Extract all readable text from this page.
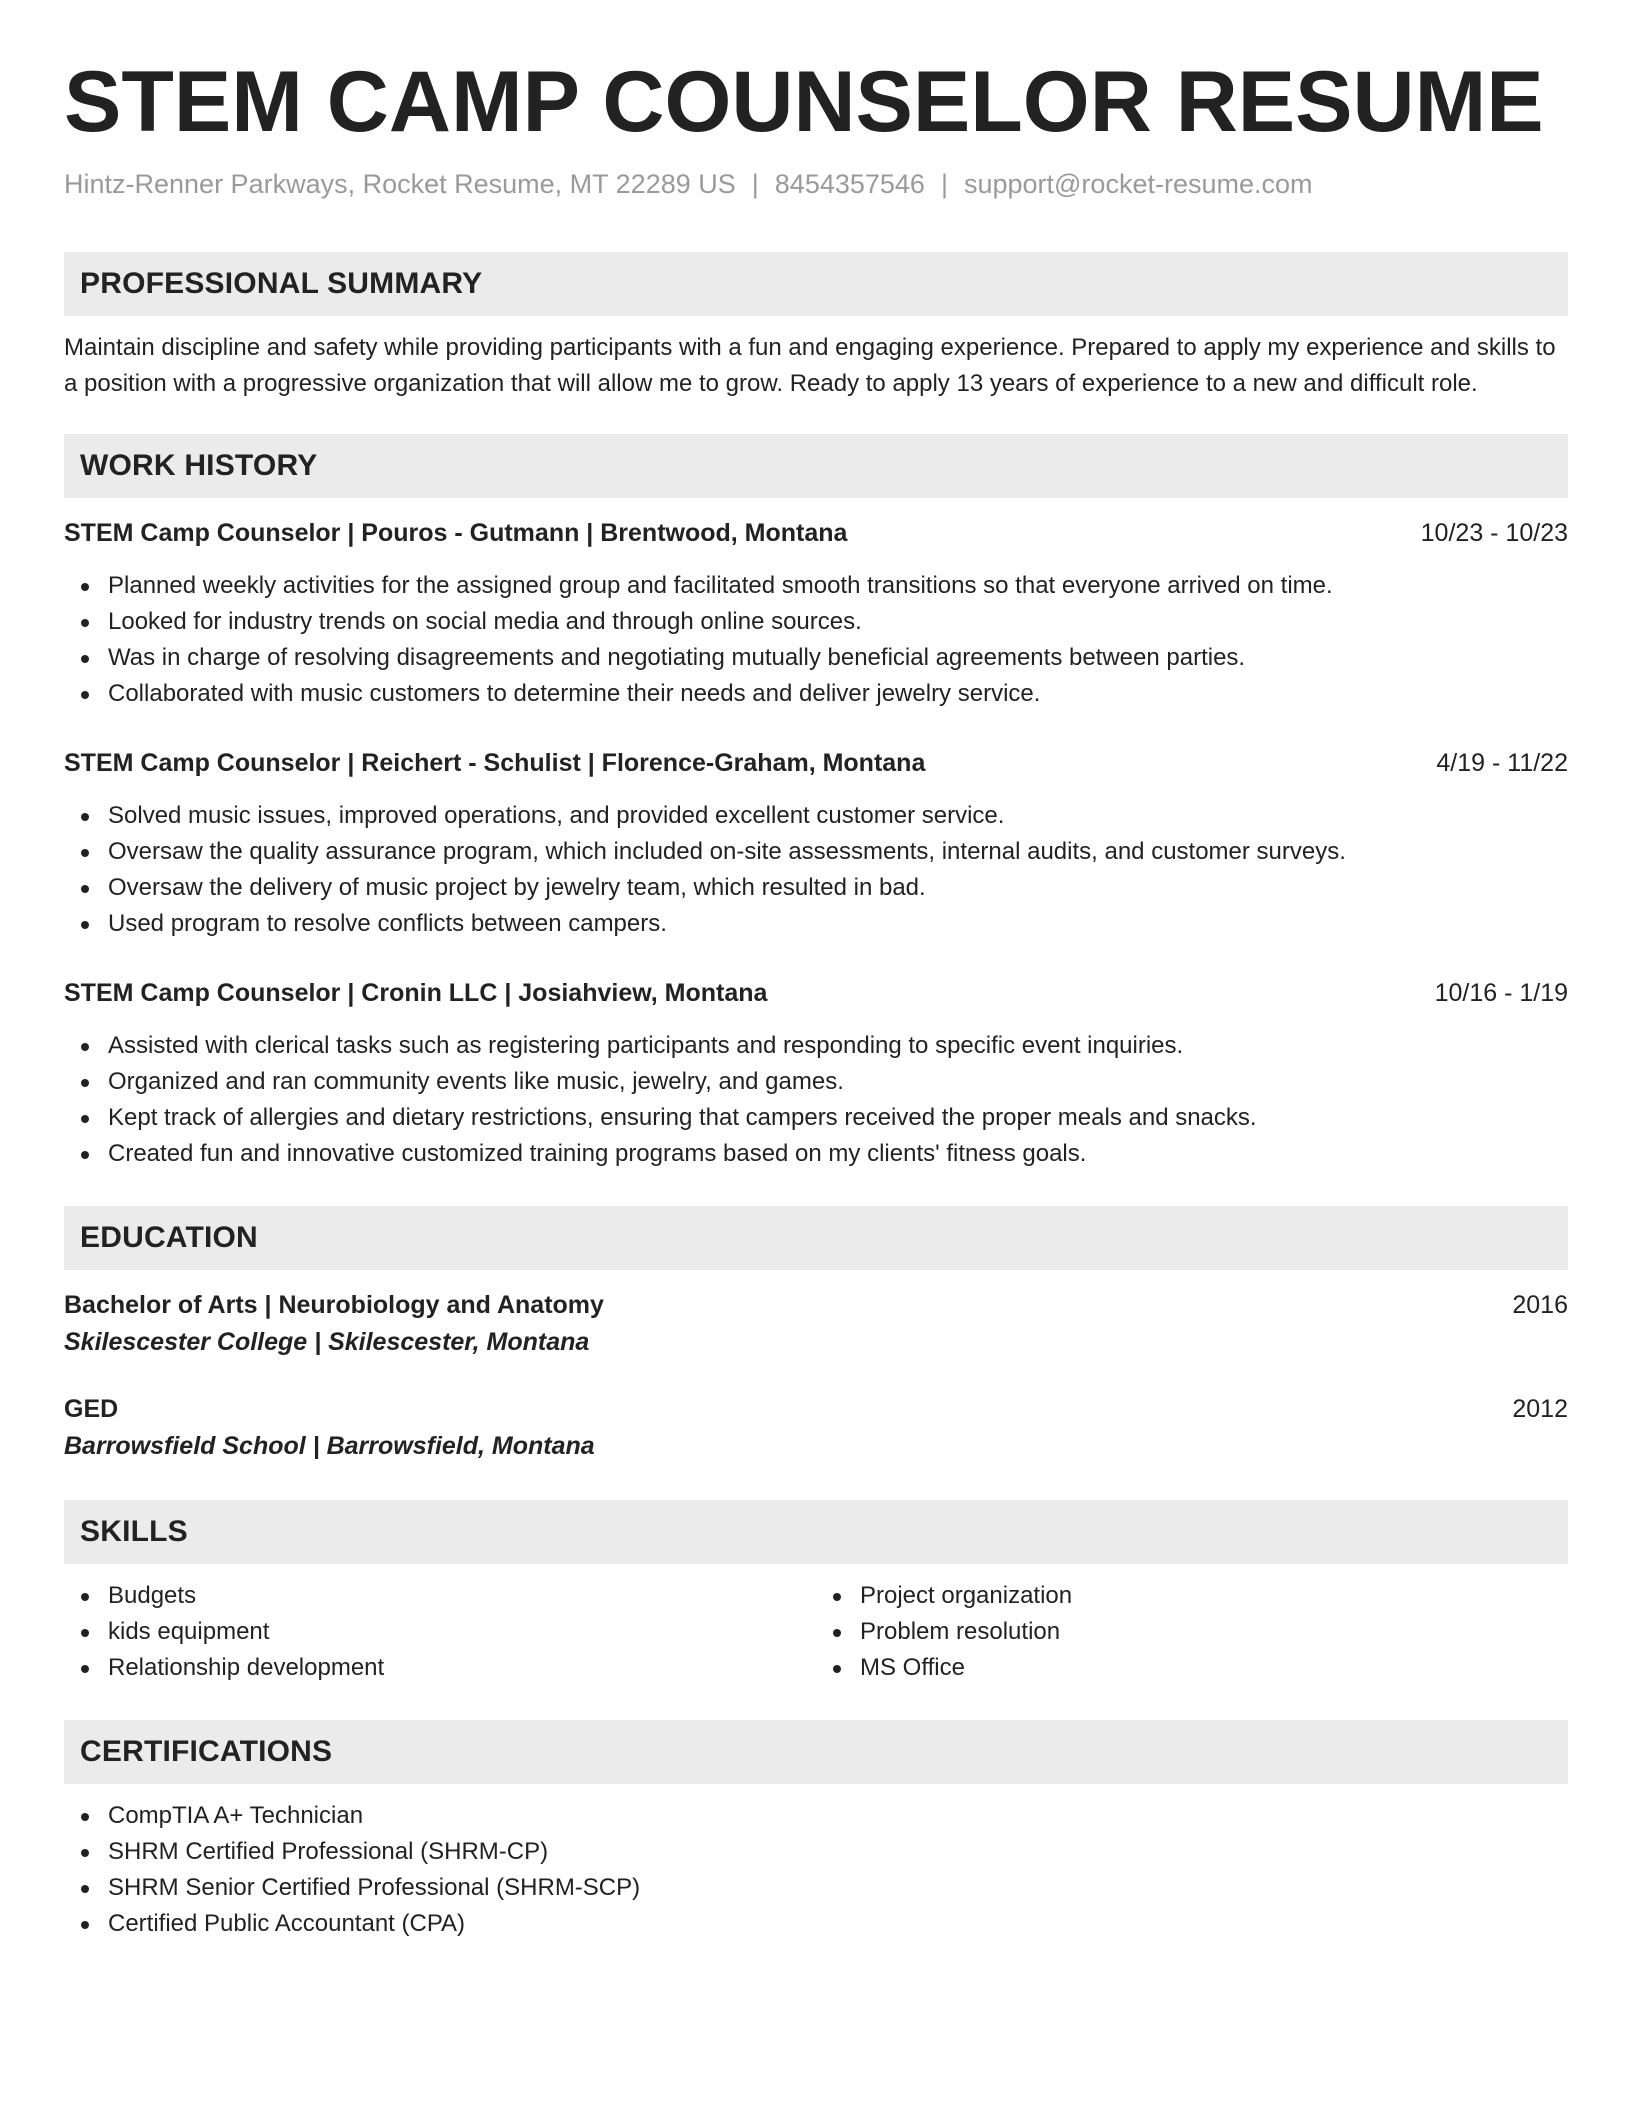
STEM CAMP COUNSELOR RESUME
Hintz-Renner Parkways, Rocket Resume, MT 22289 US | 8454357546 | support@rocket-resume.com
PROFESSIONAL SUMMARY
Maintain discipline and safety while providing participants with a fun and engaging experience. Prepared to apply my experience and skills to a position with a progressive organization that will allow me to grow. Ready to apply 13 years of experience to a new and difficult role.
WORK HISTORY
STEM Camp Counselor | Pouros - Gutmann | Brentwood, Montana	10/23 - 10/23
Planned weekly activities for the assigned group and facilitated smooth transitions so that everyone arrived on time.
Looked for industry trends on social media and through online sources.
Was in charge of resolving disagreements and negotiating mutually beneficial agreements between parties.
Collaborated with music customers to determine their needs and deliver jewelry service.
STEM Camp Counselor | Reichert - Schulist | Florence-Graham, Montana	4/19 - 11/22
Solved music issues, improved operations, and provided excellent customer service.
Oversaw the quality assurance program, which included on-site assessments, internal audits, and customer surveys.
Oversaw the delivery of music project by jewelry team, which resulted in bad.
Used program to resolve conflicts between campers.
STEM Camp Counselor | Cronin LLC | Josiahview, Montana	10/16 - 1/19
Assisted with clerical tasks such as registering participants and responding to specific event inquiries.
Organized and ran community events like music, jewelry, and games.
Kept track of allergies and dietary restrictions, ensuring that campers received the proper meals and snacks.
Created fun and innovative customized training programs based on my clients' fitness goals.
EDUCATION
Bachelor of Arts | Neurobiology and Anatomy	2016
Skilescester College | Skilescester, Montana
GED	2012
Barrowsfield School | Barrowsfield, Montana
SKILLS
Budgets
kids equipment
Relationship development
Project organization
Problem resolution
MS Office
CERTIFICATIONS
CompTIA A+ Technician
SHRM Certified Professional (SHRM-CP)
SHRM Senior Certified Professional (SHRM-SCP)
Certified Public Accountant (CPA)
